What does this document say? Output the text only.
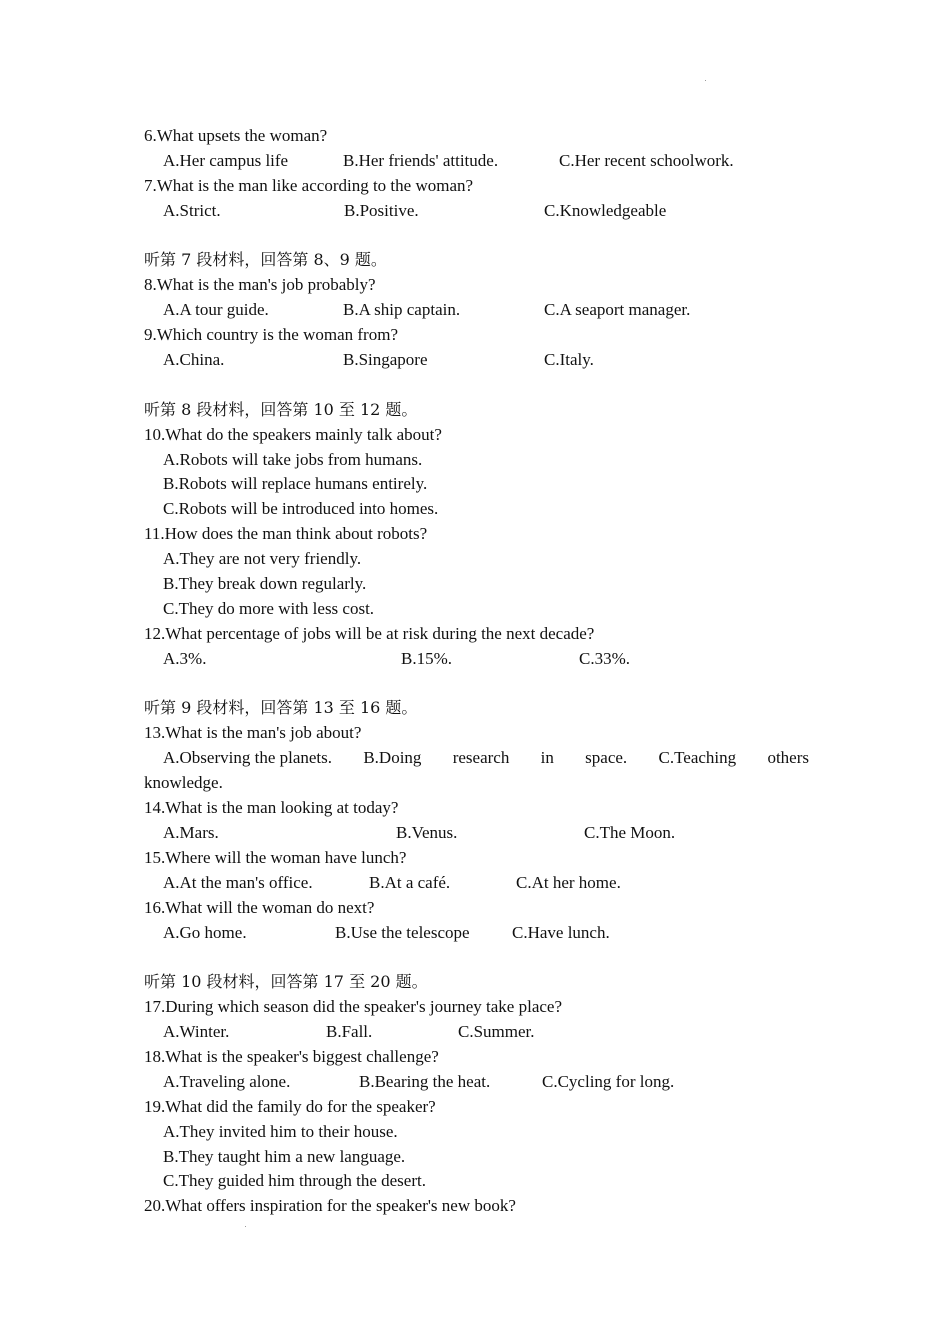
6.What upsets the woman?
A.Her campus life	B.Her friends' attitude.	C.Her recent schoolwork.
7.What is the man like according to the woman?
A.Strict.	B.Positive.	C.Knowledgeable
听第 7 段材料，回答第 8、9 题。
8.What is the man's job probably?
A.A tour guide.	B.A ship captain.	C.A seaport manager.
9.Which country is the woman from?
A.China.	B.Singapore	C.Italy.
听第 8 段材料，回答第 10 至 12 题。
10.What do the speakers mainly talk about?
A.Robots will take jobs from humans.
B.Robots will replace humans entirely.
C.Robots will be introduced into homes.
11.How does the man think about robots?
A.They are not very friendly.
B.They break down regularly.
C.They do more with less cost.
12.What percentage of jobs will be at risk during the next decade?
A.3%.	B.15%.	C.33%.
听第 9 段材料，回答第 13 至 16 题。
13.What is the man's job about?
A.Observing the planets. B.Doing research in space. C.Teaching others
knowledge.
14.What is the man looking at today?
A.Mars.	B.Venus.	C.The Moon.
15.Where will the woman have lunch?
A.At the man's office.	B.At a café.	C.At her home.
16.What will the woman do next?
A.Go home.	B.Use the telescope C.Have lunch.
听第 10 段材料，回答第 17 至 20 题。
17.During which season did the speaker's journey take place?
A.Winter.	B.Fall.	C.Summer.
18.What is the speaker's biggest challenge?
A.Traveling alone.	B.Bearing the heat.	C.Cycling for long.
19.What did the family do for the speaker?
A.They invited him to their house.
B.They taught him a new language.
C.They guided him through the desert.
20.What offers inspiration for the speaker's new book?
